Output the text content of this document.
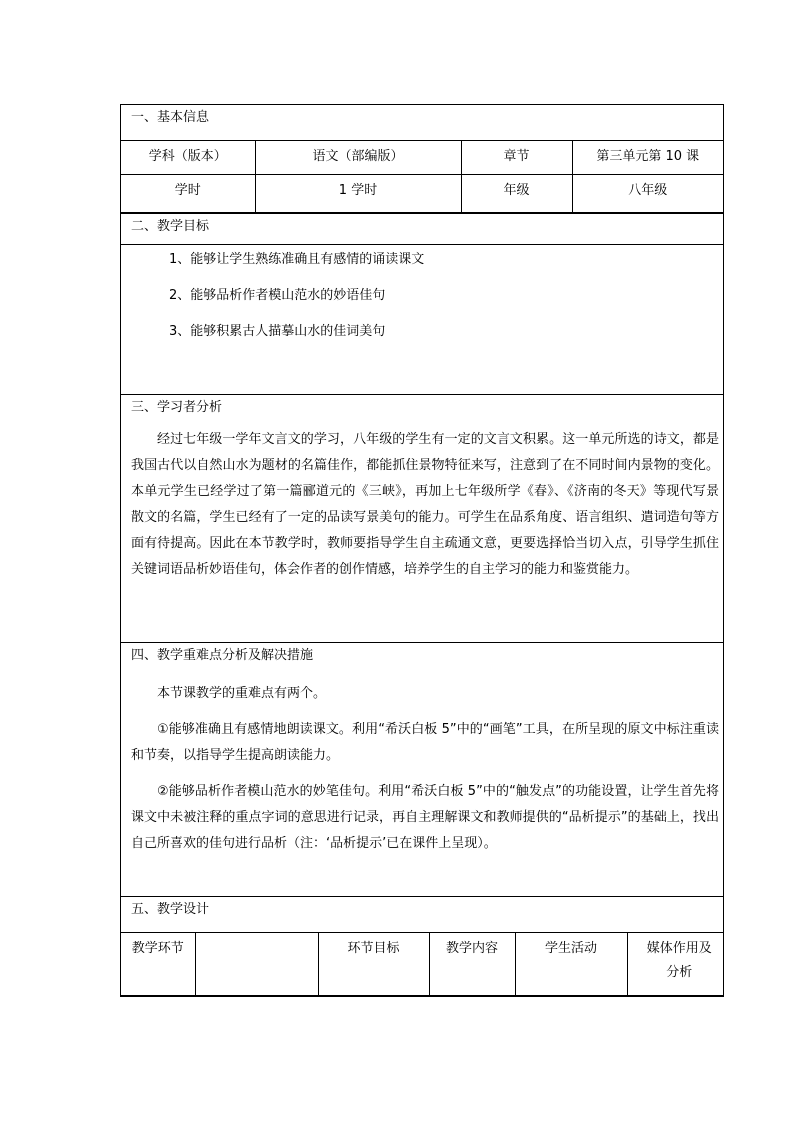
一、基本信息
学科（版本）	语文（部编版）	章节	第三单元第 10 课
学时	1 学时	年级	八年级
二、教学目标
1、能够让学生熟练准确且有感情的诵读课文
2、能够品析作者模山范水的妙语佳句
3、能够积累古人描摹山水的佳词美句
三、学习者分析

经过七年级一学年文言文的学习，八年级的学生有一定的文言文积累。这一单元所选的诗文，都是我国古代以自然山水为题材的名篇佳作，都能抓住景物特征来写，注意到了在不同时间内景物的变化。本单元学生已经学过了第一篇郦道元的《三峡》，再加上七年级所学《春》、《济南的冬天》等现代写景散文的名篇，学生已经有了一定的品读写景美句的能力。可学生在品系角度、语言组织、遣词造句等方面有待提高。因此在本节教学时，教师要指导学生自主疏通文意，更要选择恰当切入点，引导学生抓住关键词语品析妙语佳句，体会作者的创作情感，培养学生的自主学习的能力和鉴赏能力。

四、教学重难点分析及解决措施

本节课教学的重难点有两个。

①能够准确且有感情地朗读课文。利用“希沃白板 5”中的“画笔”工具，在所呈现的原文中标注重读和节奏，以指导学生提高朗读能力。

②能够品析作者模山范水的妙笔佳句。利用“希沃白板 5”中的“触发点”的功能设置，让学生首先将课文中未被注释的重点字词的意思进行记录，再自主理解课文和教师提供的“品析提示”的基础上，找出自己所喜欢的佳句进行品析（注：‘品析提示’已在课件上呈现）。

五、教学设计
教学环节		环节目标	教学内容	学生活动	媒体作用及分析
